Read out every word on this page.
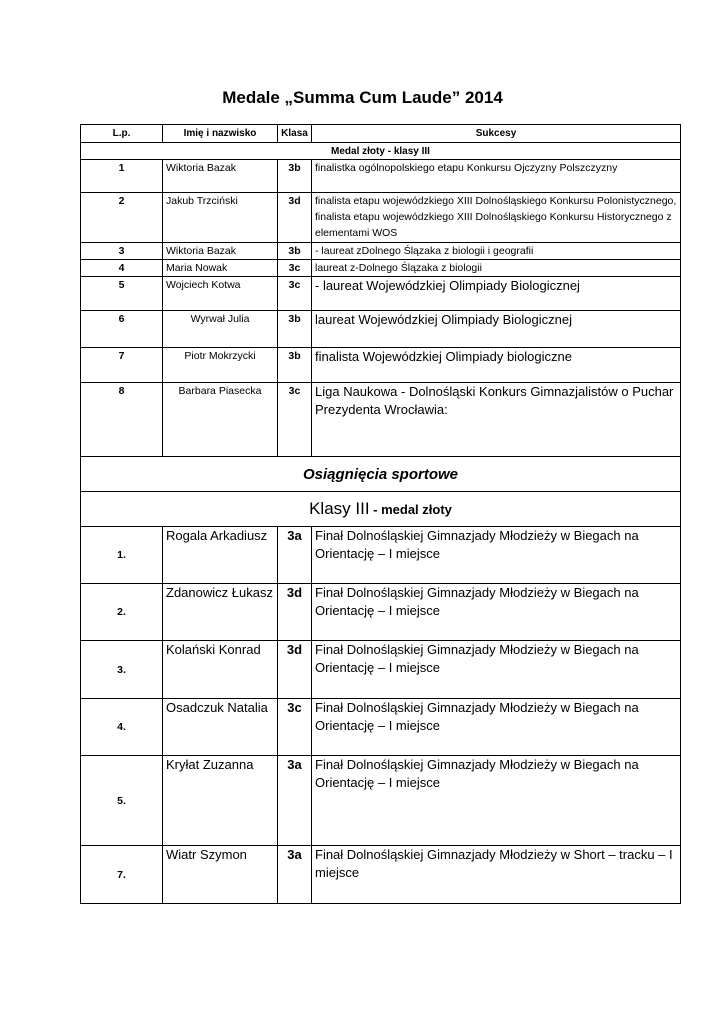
Medale „Summa Cum Laude” 2014
L.p.	Imię i nazwisko	Klasa	Sukcesy
Medal złoty - klasy III			
1	Wiktoria Bazak	3b	finalistka ogólnopolskiego etapu Konkursu Ojczyzny Polszczyzny
2	Jakub Trzciński	3d	finalista etapu wojewódzkiego XIII Dolnośląskiego Konkursu Polonistycznego, finalista etapu wojewódzkiego XIII Dolnośląskiego Konkursu Historycznego z elementami WOS
3	Wiktoria Bazak	3b	- laureat zDolnego Ślązaka z biologii i geografii
4	Maria Nowak	3c	laureat z-Dolnego Ślązaka z biologii
5	Wojciech Kotwa	3c	- laureat Wojewódzkiej Olimpiady Biologicznej
6	Wyrwał Julia	3b	laureat Wojewódzkiej Olimpiady Biologicznej
7	Piotr Mokrzycki	3b	finalista Wojewódzkiej Olimpiady biologiczne
8	Barbara Piasecka	3c	Liga Naukowa - Dolnośląski Konkurs Gimnazjalistów o Puchar Prezydenta Wrocławia:
Osiągnięcia sportowe			
Klasy III - medal złoty			
1.	Rogala Arkadiusz	3a	Finał Dolnośląskiej Gimnazjady Młodzieży w Biegach na Orientację – I miejsce
2.	Zdanowicz Łukasz	3d	Finał Dolnośląskiej Gimnazjady Młodzieży w Biegach na Orientację – I miejsce
3.	Kolański Konrad	3d	Finał Dolnośląskiej Gimnazjady Młodzieży w Biegach na Orientację – I miejsce
4.	Osadczuk Natalia	3c	Finał Dolnośląskiej Gimnazjady Młodzieży w Biegach na Orientację – I miejsce
5.	Kryłat Zuzanna	3a	Finał Dolnośląskiej Gimnazjady Młodzieży w Biegach na Orientację – I miejsce
7.	Wiatr Szymon	3a	Finał Dolnośląskiej Gimnazjady Młodzieży w Short – tracku – I miejsce
